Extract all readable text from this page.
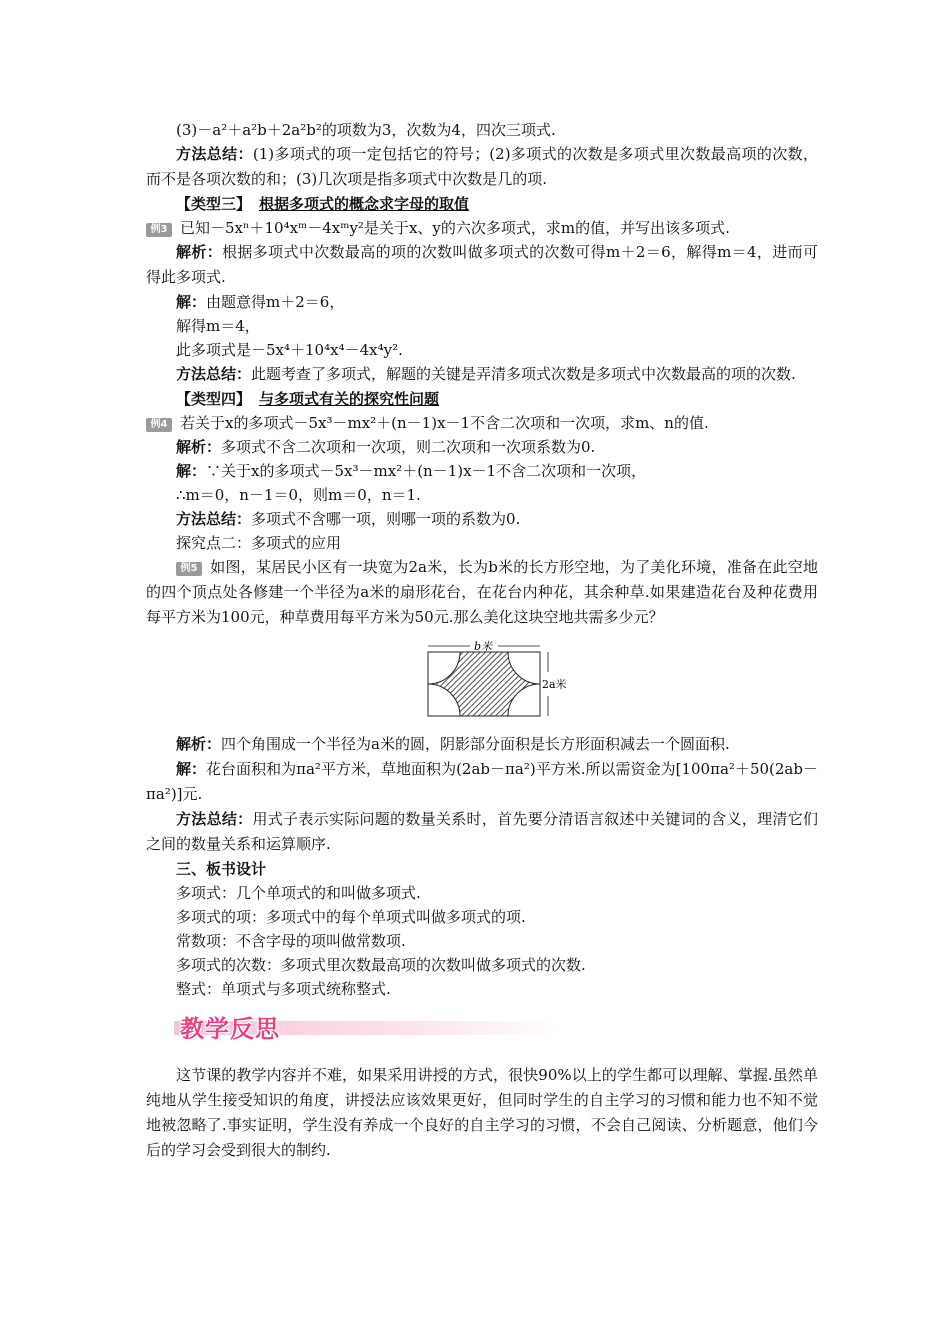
(3)－a²＋a²b＋2a²b²的项数为3，次数为4，四次三项式.

方法总结：(1)多项式的项一定包括它的符号；(2)多项式的次数是多项式里次数最高项的次数，而不是各项次数的和；(3)几次项是指多项式中次数是几的项.

【类型三】 根据多项式的概念求字母的取值

例3 已知－5xⁿ＋10⁴xᵐ－4xᵐy²是关于x、y的六次多项式，求m的值，并写出该多项式.

解析：根据多项式中次数最高的项的次数叫做多项式的次数可得m＋2＝6，解得m＝4，进而可得此多项式.

解：由题意得m＋2＝6，

解得m＝4，

此多项式是－5x⁴＋10⁴x⁴－4x⁴y².

方法总结：此题考查了多项式，解题的关键是弄清多项式次数是多项式中次数最高的项的次数.

【类型四】 与多项式有关的探究性问题

例4 若关于x的多项式－5x³－mx²＋(n－1)x－1不含二次项和一次项，求m、n的值.

解析：多项式不含二次项和一次项，则二次项和一次项系数为0.

解：∵关于x的多项式－5x³－mx²＋(n－1)x－1不含二次项和一次项，

∴m＝0，n－1＝0，则m＝0，n＝1.

方法总结：多项式不含哪一项，则哪一项的系数为0.

探究点二：多项式的应用

例5 如图，某居民小区有一块宽为2a米，长为b米的长方形空地，为了美化环境，准备在此空地的四个顶点处各修建一个半径为a米的扇形花台，在花台内种花，其余种草.如果建造花台及种花费用每平方米为100元，种草费用每平方米为50元.那么美化这块空地共需多少元？

b米
2a米

解析：四个角围成一个半径为a米的圆，阴影部分面积是长方形面积减去一个圆面积.

解：花台面积和为πa²平方米，草地面积为(2ab－πa²)平方米.所以需资金为[100πa²＋50(2ab－πa²)]元.

方法总结：用式子表示实际问题的数量关系时，首先要分清语言叙述中关键词的含义，理清它们之间的数量关系和运算顺序.

三、板书设计

多项式：几个单项式的和叫做多项式.

多项式的项：多项式中的每个单项式叫做多项式的项.

常数项：不含字母的项叫做常数项.

多项式的次数：多项式里次数最高项的次数叫做多项式的次数.

整式：单项式与多项式统称整式.

教学反思

这节课的教学内容并不难，如果采用讲授的方式，很快90%以上的学生都可以理解、掌握.虽然单纯地从学生接受知识的角度，讲授法应该效果更好，但同时学生的自主学习的习惯和能力也不知不觉地被忽略了.事实证明，学生没有养成一个良好的自主学习的习惯，不会自己阅读、分析题意，他们今后的学习会受到很大的制约.
